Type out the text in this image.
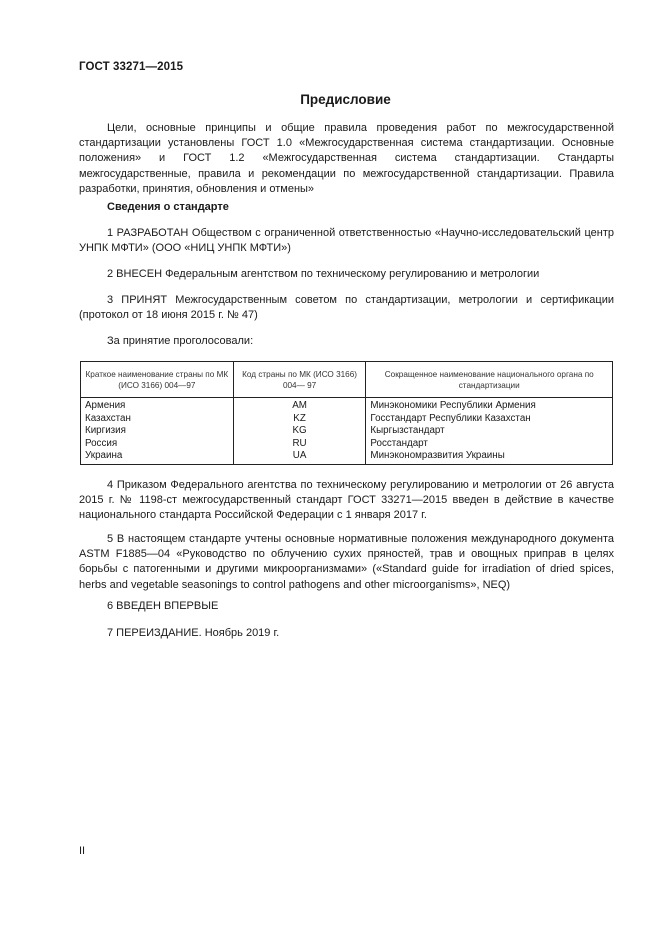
ГОСТ 33271—2015
Предисловие
Цели, основные принципы и общие правила проведения работ по межгосударственной стандартизации установлены ГОСТ 1.0 «Межгосударственная система стандартизации. Основные положения» и ГОСТ 1.2 «Межгосударственная система стандартизации. Стандарты межгосударственные, правила и рекомендации по межгосударственной стандартизации. Правила разработки, принятия, обновления и отмены»
Сведения о стандарте
1 РАЗРАБОТАН Обществом с ограниченной ответственностью «Научно-исследовательский центр УНПК МФТИ» (ООО «НИЦ УНПК МФТИ»)
2 ВНЕСЕН Федеральным агентством по техническому регулированию и метрологии
3 ПРИНЯТ Межгосударственным советом по стандартизации, метрологии и сертификации (протокол от 18 июня 2015 г. № 47)
За принятие проголосовали:
Краткое наименование страны по МК (ИСО 3166) 004—97	Код страны по МК (ИСО 3166) 004— 97	Сокращенное наименование национального органа по стандартизации
Армения	AM	Минэкономики Республики Армения
Казахстан	KZ	Госстандарт Республики Казахстан
Киргизия	KG	Кыргызстандарт
Россия	RU	Росстандарт
Украина	UA	Минэкономразвития Украины
4 Приказом Федерального агентства по техническому регулированию и метрологии от 26 августа 2015 г. № 1198-ст межгосударственный стандарт ГОСТ 33271—2015 введен в действие в качестве национального стандарта Российской Федерации с 1 января 2017 г.
5 В настоящем стандарте учтены основные нормативные положения международного документа ASTM F1885—04 «Руководство по облучению сухих пряностей, трав и овощных приправ в целях борьбы с патогенными и другими микроорганизмами» («Standard guide for irradiation of dried spices, herbs and vegetable seasonings to control pathogens and other microorganisms», NEQ)
6 ВВЕДЕН ВПЕРВЫЕ
7 ПЕРЕИЗДАНИЕ. Ноябрь 2019 г.
II
